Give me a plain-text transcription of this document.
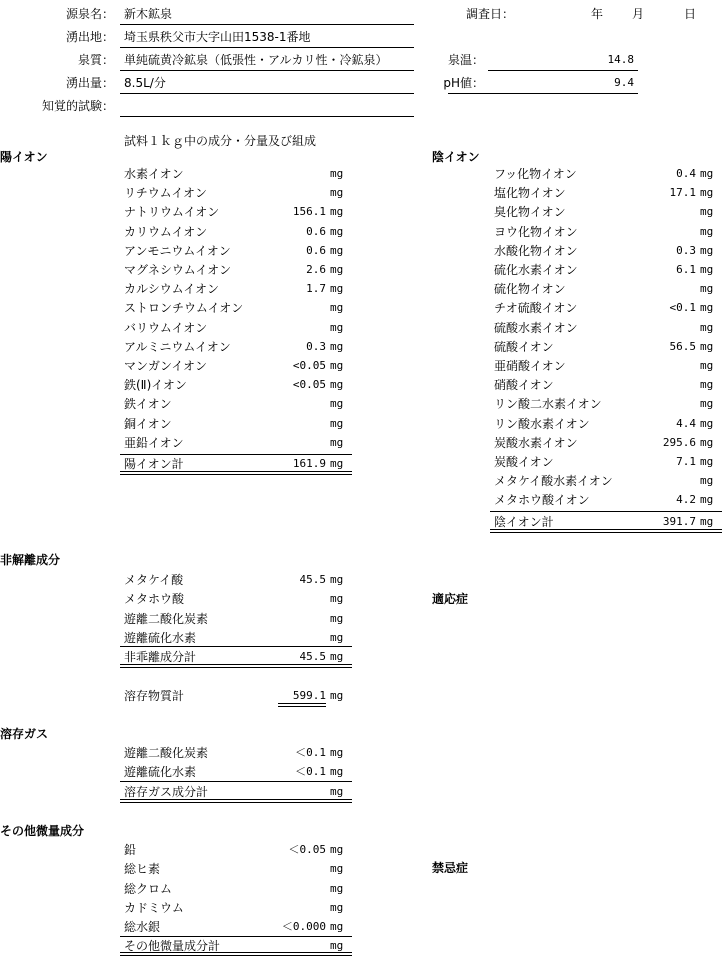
源泉名： 新木鉱泉
湧出地： 埼玉県秩父市大字山田1538-1番地
泉質： 単純硫黄冷鉱泉（低張性・アルカリ性・冷鉱泉）
湧出量： 8.5L/分
知覚的試験：
調査日：	年 月	日
泉温：	14.8
pH値：	9.4
試料１ｋｇ中の成分・分量及び組成
陽イオン
水素イオン	mg
リチウムイオン	mg
ナトリウムイオン	156.1 mg
カリウムイオン	0.6 mg
アンモニウムイオン	0.6 mg
マグネシウムイオン	2.6 mg
カルシウムイオン	1.7 mg
ストロンチウムイオン	mg
バリウムイオン	mg
アルミニウムイオン	0.3 mg
マンガンイオン	<0.05 mg
鉄(Ⅱ)イオン	<0.05 mg
鉄イオン	mg
銅イオン	mg
亜鉛イオン	mg
陽イオン計	161.9 mg
陰イオン
フッ化物イオン	0.4 mg
塩化物イオン	17.1 mg
臭化物イオン	mg
ヨウ化物イオン	mg
水酸化物イオン	0.3 mg
硫化水素イオン	6.1 mg
硫化物イオン	mg
チオ硫酸イオン	<0.1 mg
硫酸水素イオン	mg
硫酸イオン	56.5 mg
亜硝酸イオン	mg
硝酸イオン	mg
リン酸二水素イオン	mg
リン酸水素イオン	4.4 mg
炭酸水素イオン	295.6 mg
炭酸イオン	7.1 mg
メタケイ酸水素イオン	mg
メタホウ酸イオン	4.2 mg
陰イオン計	391.7 mg
非解離成分
メタケイ酸	45.5 mg
メタホウ酸	mg
遊離二酸化炭素	mg
遊離硫化水素	mg
非乖離成分計	45.5 mg
適応症
溶存物質計	599.1 mg
溶存ガス
遊離二酸化炭素	＜0.1 mg
遊離硫化水素	＜0.1 mg
溶存ガス成分計	mg
その他微量成分
鉛	＜0.05 mg
総ヒ素	mg
総クロム	mg
カドミウム	mg
総水銀	＜0.000 mg
その他微量成分計	mg
禁忌症
